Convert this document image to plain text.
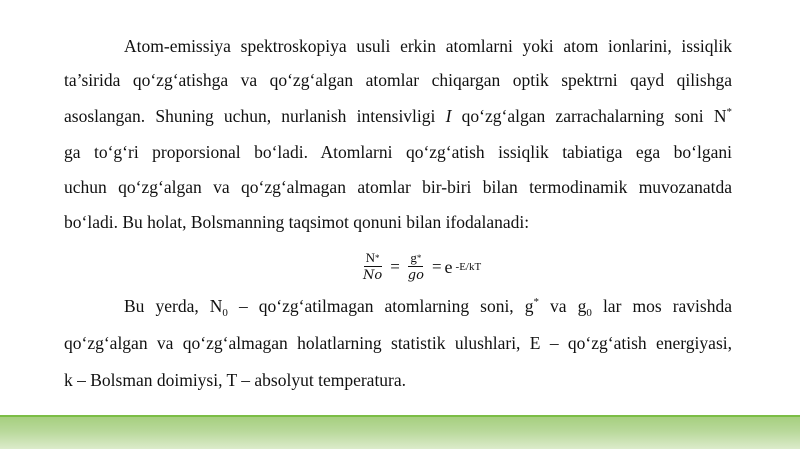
Atom-emissiya spektroskopiya usuli erkin atomlarni yoki atom ionlarini, issiqlik
ta’sirida qo‘zg‘atishga va qo‘zg‘algan atomlar chiqargan optik spektrni qayd qilishga
asoslangan. Shuning uchun, nurlanish intensivligi I qo‘zg‘algan zarrachalarning soni N*
ga to‘g‘ri proporsional bo‘ladi. Atomlarni qo‘zg‘atish issiqlik tabiatiga ega bo‘lgani
uchun qo‘zg‘algan va qo‘zg‘almagan atomlar bir-biri bilan termodinamik muvozanatda
bo‘ladi. Bu holat, Bolsmanning taqsimot qonuni bilan ifodalanadi:
$\frac{N*}{No} = \frac{g*}{go} = e$ -E/kT
Bu yerda, $N_0$ – qo‘zg‘atilmagan atomlarning soni, g* va $g_0$ lar mos ravishda
qo‘zg‘algan va qo‘zg‘almagan holatlarning statistik ulushlari, E – qo‘zg‘atish energiyasi,
k – Bolsman doimiysi, T – absolyut temperatura.
